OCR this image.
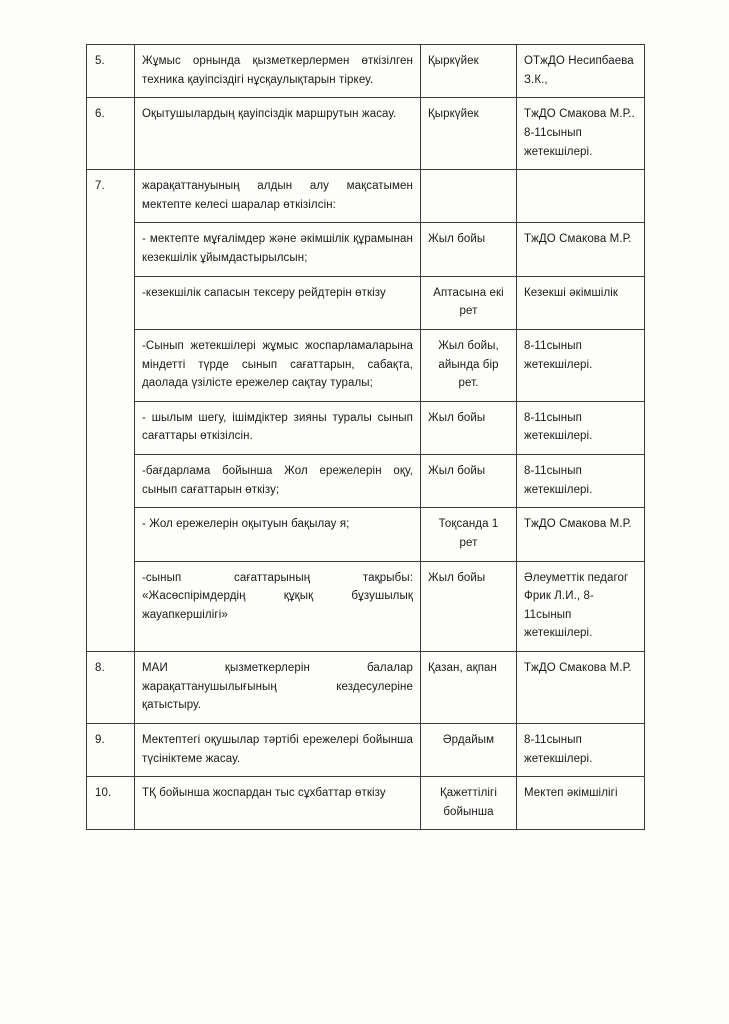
5.	Жұмыс орнында қызметкерлермен өткізілген техника қауіпсіздігі нұсқаулықтарын тіркеу.	Қыркүйек	ОТжДО Несипбаева З.К.,
6.	Оқытушылардың қауіпсіздік маршрутын жасау.	Қыркүйек	ТжДО Смакова М.Р.. 8-11сынып жетекшілері.
7.	жарақаттануының алдын алу мақсатымен мектепте келесі шаралар өткізілсін:		
	- мектепте мұғалімдер және әкімшілік құрамынан кезекшілік ұйымдастырылсын;	Жыл бойы	ТжДО Смакова М.Р.
	-кезекшілік сапасын тексеру рейдтерін өткізу	Аптасына екі рет	Кезекші әкімшілік
	-Сынып жетекшілері жұмыс жоспарламаларына міндетті түрде сынып сағаттарын, сабақта, даолада үзілісте ережелер сақтау туралы;	Жыл бойы, айында бір рет.	8-11сынып жетекшілері.
	- шылым шегу, ішімдіктер зияны туралы сынып сағаттары өткізілсін.	Жыл бойы	8-11сынып жетекшілері.
	-бағдарлама бойынша Жол ережелерін оқу, сынып сағаттарын өткізу;	Жыл бойы	8-11сынып жетекшілері.
	- Жол ережелерін оқытуын бақылау я;	Тоқсанда 1 рет	ТжДО Смакова М.Р.
	-сынып сағаттарының тақрыбы: «Жасөспірімдердің құқық бұзушылық жауапкершілігі»	Жыл бойы	Әлеуметтік педагог Фрик Л.И., 8-11сынып жетекшілері.
8.	МАИ қызметкерлерін балалар жарақаттанушылығының кездесулеріне қатыстыру.	Қазан, ақпан	ТжДО Смакова М.Р.
9.	Мектептегі оқушылар тәртібі ережелері бойынша түсініктеме жасау.	Әрдайым	8-11сынып жетекшілері.
10.	ТҚ бойынша жоспардан тыс сұхбаттар өткізу	Қажеттілігі бойынша	Мектеп әкімшілігі
